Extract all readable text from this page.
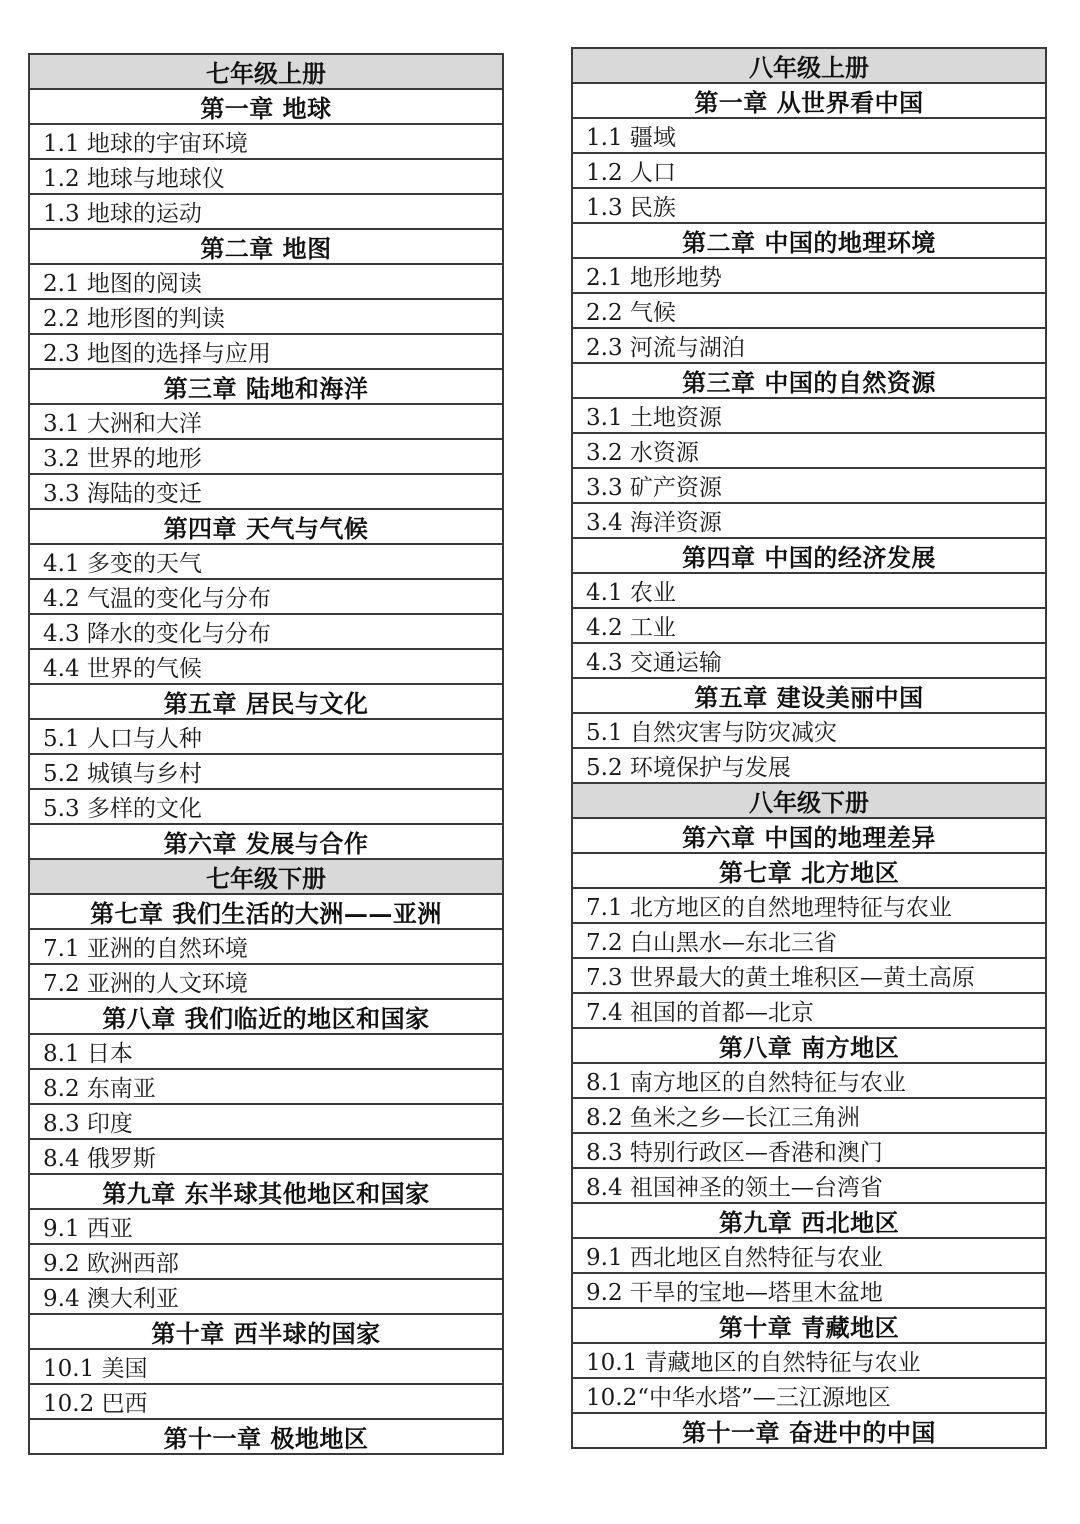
七年级上册
第一章 地球
1.1 地球的宇宙环境
1.2 地球与地球仪
1.3 地球的运动
第二章 地图
2.1 地图的阅读
2.2 地形图的判读
2.3 地图的选择与应用
第三章 陆地和海洋
3.1 大洲和大洋
3.2 世界的地形
3.3 海陆的变迁
第四章 天气与气候
4.1 多变的天气
4.2 气温的变化与分布
4.3 降水的变化与分布
4.4 世界的气候
第五章 居民与文化
5.1 人口与人种
5.2 城镇与乡村
5.3 多样的文化
第六章 发展与合作
七年级下册
第七章 我们生活的大洲——亚洲
7.1 亚洲的自然环境
7.2 亚洲的人文环境
第八章 我们临近的地区和国家
8.1 日本
8.2 东南亚
8.3 印度
8.4 俄罗斯
第九章 东半球其他地区和国家
9.1 西亚
9.2 欧洲西部
9.4 澳大利亚
第十章 西半球的国家
10.1 美国
10.2 巴西
第十一章 极地地区
八年级上册
第一章 从世界看中国
1.1 疆域
1.2 人口
1.3 民族
第二章 中国的地理环境
2.1 地形地势
2.2 气候
2.3 河流与湖泊
第三章 中国的自然资源
3.1 土地资源
3.2 水资源
3.3 矿产资源
3.4 海洋资源
第四章 中国的经济发展
4.1 农业
4.2 工业
4.3 交通运输
第五章 建设美丽中国
5.1 自然灾害与防灾减灾
5.2 环境保护与发展
八年级下册
第六章 中国的地理差异
第七章 北方地区
7.1 北方地区的自然地理特征与农业
7.2 白山黑水—东北三省
7.3 世界最大的黄土堆积区—黄土高原
7.4 祖国的首都—北京
第八章 南方地区
8.1 南方地区的自然特征与农业
8.2 鱼米之乡—长江三角洲
8.3 特别行政区—香港和澳门
8.4 祖国神圣的领土—台湾省
第九章 西北地区
9.1 西北地区自然特征与农业
9.2 干旱的宝地—塔里木盆地
第十章 青藏地区
10.1 青藏地区的自然特征与农业
10.2“中华水塔”—三江源地区
第十一章 奋进中的中国
